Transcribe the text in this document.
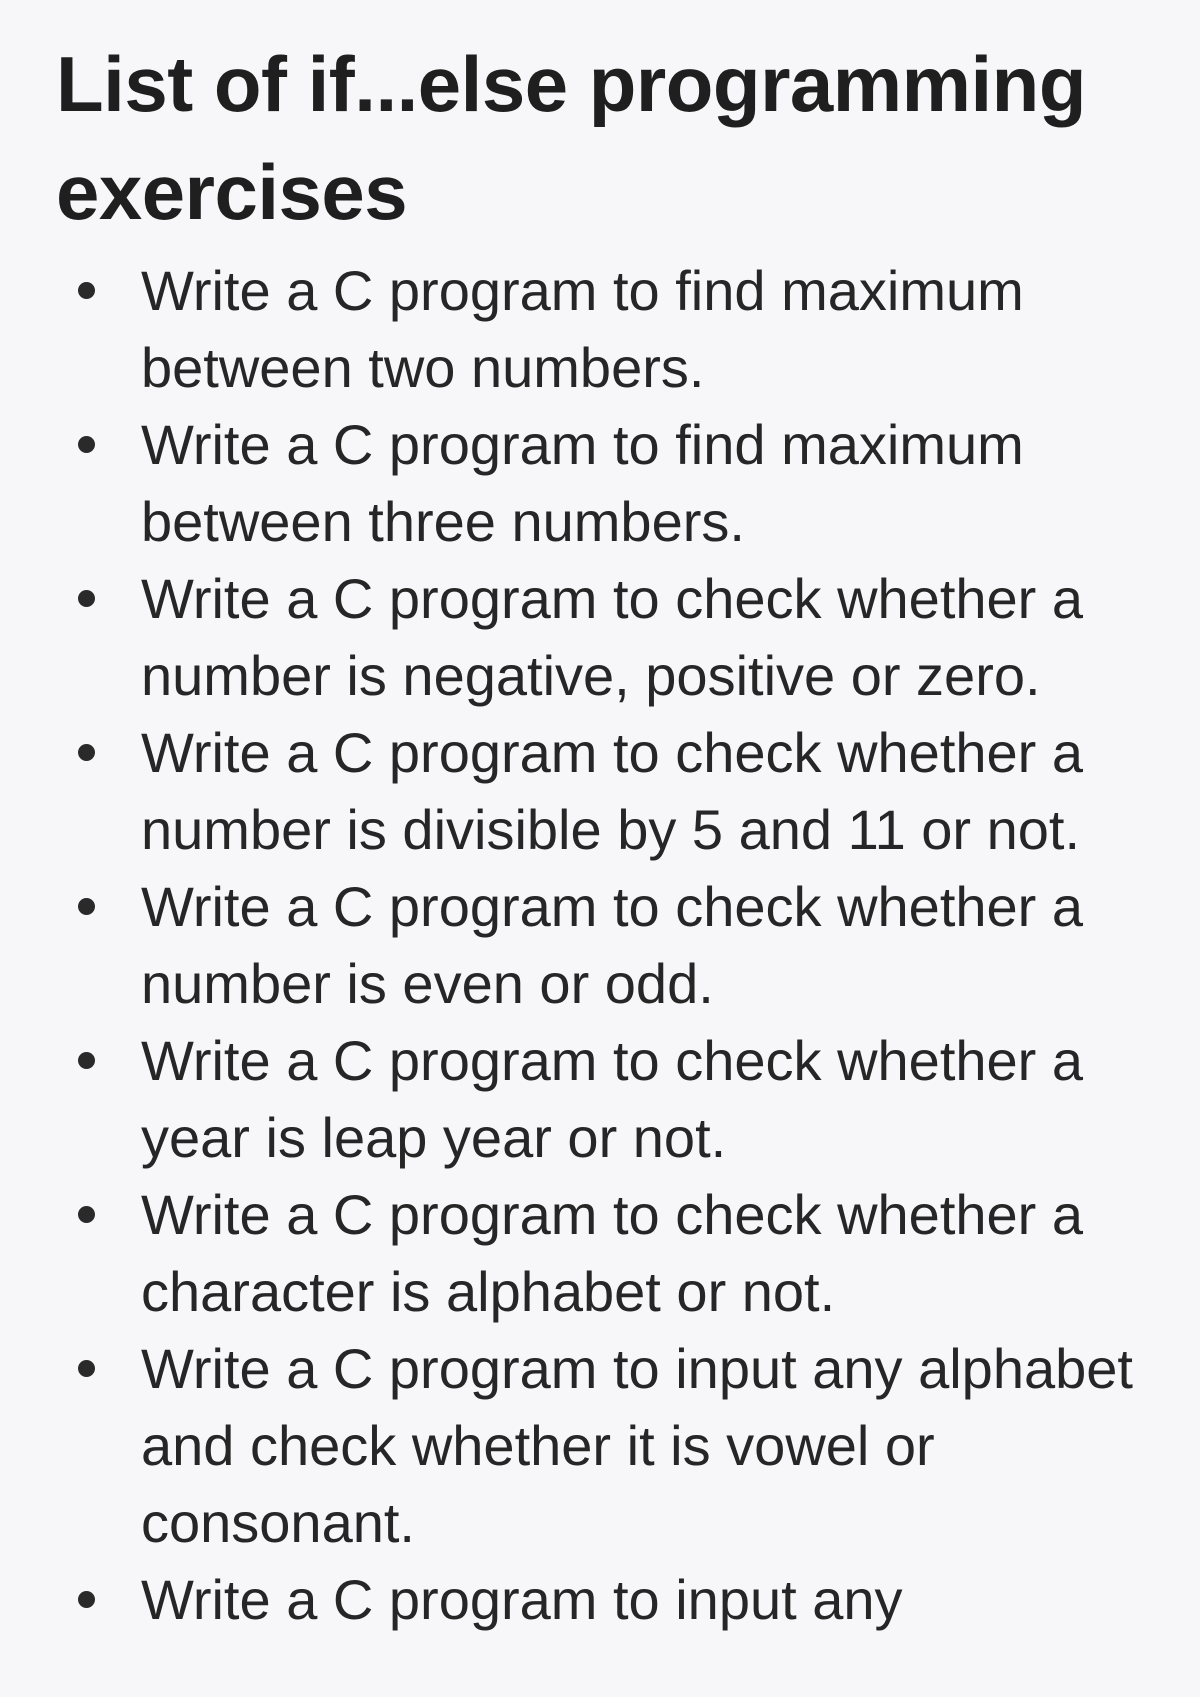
List of if...else programming exercises
Write a C program to find maximum between two numbers.
Write a C program to find maximum between three numbers.
Write a C program to check whether a number is negative, positive or zero.
Write a C program to check whether a number is divisible by 5 and 11 or not.
Write a C program to check whether a number is even or odd.
Write a C program to check whether a year is leap year or not.
Write a C program to check whether a character is alphabet or not.
Write a C program to input any alphabet and check whether it is vowel or consonant.
Write a C program to input any
